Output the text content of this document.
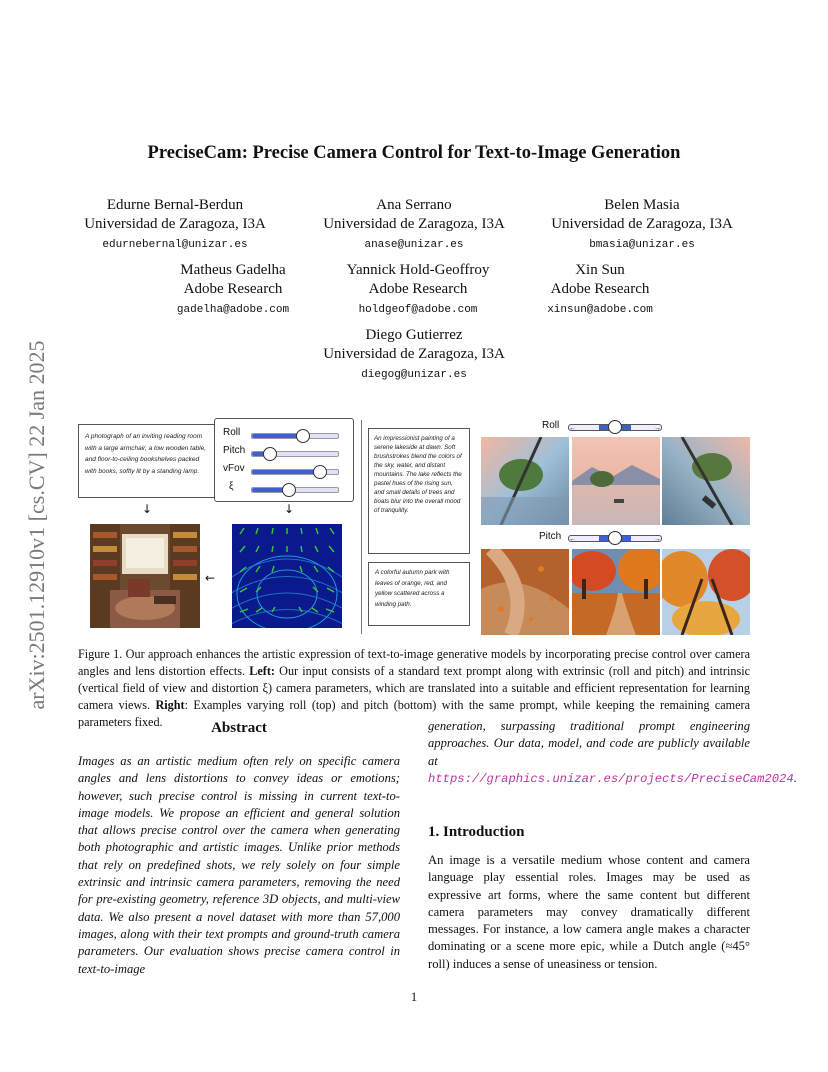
arXiv:2501.12910v1 [cs.CV] 22 Jan 2025
PreciseCam: Precise Camera Control for Text-to-Image Generation
Edurne Bernal-Berdun
Universidad de Zaragoza, I3A
edurnebernal@unizar.es
Ana Serrano
Universidad de Zaragoza, I3A
anase@unizar.es
Belen Masia
Universidad de Zaragoza, I3A
bmasia@unizar.es
Matheus Gadelha
Adobe Research
gadelha@adobe.com
Yannick Hold-Geoffroy
Adobe Research
holdgeof@adobe.com
Xin Sun
Adobe Research
xinsun@adobe.com
Diego Gutierrez
Universidad de Zaragoza, I3A
diegog@unizar.es
A photograph of an inviting reading room with a large armchair, a low wooden table, and floor-to-ceiling bookshelves packed with books, softly lit by a standing lamp.
Roll
Pitch
vFov
ξ
↓	↓
←
An impressionist painting of a serene lakeside at dawn. Soft brushstrokes blend the colors of the sky, water, and distant mountains. The lake reflects the pastel hues of the rising sun, and small details of trees and boats blur into the overall mood of tranquility.
A colorful autumn park with leaves of orange, red, and yellow scattered across a winding path.
Roll ←	→
Pitch ←	→
Figure 1. Our approach enhances the artistic expression of text-to-image generative models by incorporating precise control over camera angles and lens distortion effects. Left: Our input consists of a standard text prompt along with extrinsic (roll and pitch) and intrinsic (vertical field of view and distortion ξ) camera parameters, which are translated into a suitable and efficient representation for learning camera views. Right: Examples varying roll (top) and pitch (bottom) with the same prompt, while keeping the remaining camera parameters fixed.	Abstract
Images as an artistic medium often rely on specific camera angles and lens distortions to convey ideas or emotions; however, such precise control is missing in current text-to-image models. We propose an efficient and general solution that allows precise control over the camera when generating both photographic and artistic images. Unlike prior methods that rely on predefined shots, we rely solely on four simple extrinsic and intrinsic camera parameters, removing the need for pre-existing geometry, reference 3D objects, and multi-view data. We also present a novel dataset with more than 57,000 images, along with their text prompts and ground-truth camera parameters. Our evaluation shows precise camera control in text-to-image
generation, surpassing traditional prompt engineering approaches. Our data, model, and code are publicly available at https://graphics.unizar.es/projects/PreciseCam2024.
1. Introduction
An image is a versatile medium whose content and camera language play essential roles. Images may be used as expressive art forms, where the same content but different camera parameters may convey dramatically different messages. For instance, a low camera angle makes a character dominating or a scene more epic, while a Dutch angle (≈45° roll) induces a sense of uneasiness or tension.
1
